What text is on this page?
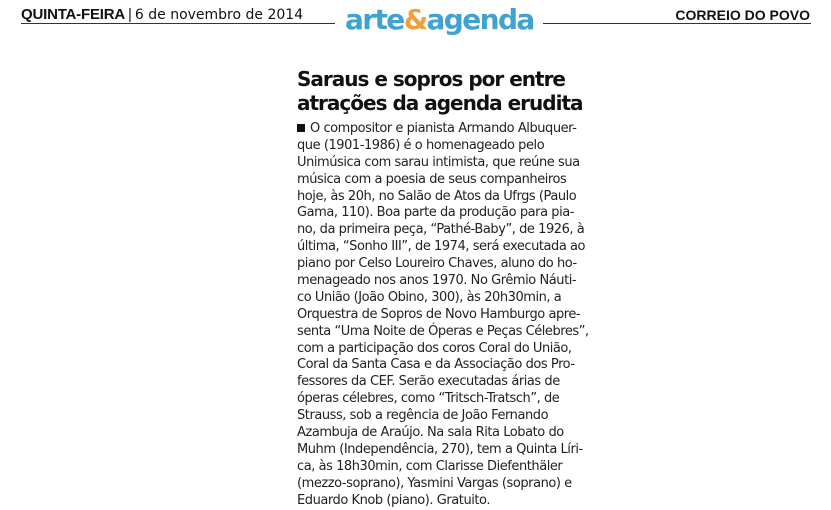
QUINTA-FEIRA | 6 de novembro de 2014 arte&agenda	CORREIO DO POVO
Saraus e sopros por entre
atrações da agenda erudita
O compositor e pianista Armando Albuquer-
que (1901-1986) é o homenageado pelo
Unimúsica com sarau intimista, que reúne sua
música com a poesia de seus companheiros
hoje, às 20h, no Salão de Atos da Ufrgs (Paulo
Gama, 110). Boa parte da produção para pia-
no, da primeira peça, “Pathé-Baby”, de 1926, à
última, “Sonho III”, de 1974, será executada ao
piano por Celso Loureiro Chaves, aluno do ho-
menageado nos anos 1970. No Grêmio Náuti-
co União (João Obino, 300), às 20h30min, a
Orquestra de Sopros de Novo Hamburgo apre-
senta “Uma Noite de Óperas e Peças Célebres”,
com a participação dos coros Coral do União,
Coral da Santa Casa e da Associação dos Pro-
fessores da CEF. Serão executadas árias de
óperas célebres, como “Tritsch-Tratsch”, de
Strauss, sob a regência de João Fernando
Azambuja de Araújo. Na sala Rita Lobato do
Muhm (Independência, 270), tem a Quinta Líri-
ca, às 18h30min, com Clarisse Diefenthäler
(mezzo-soprano), Yasmini Vargas (soprano) e
Eduardo Knob (piano). Gratuito.
